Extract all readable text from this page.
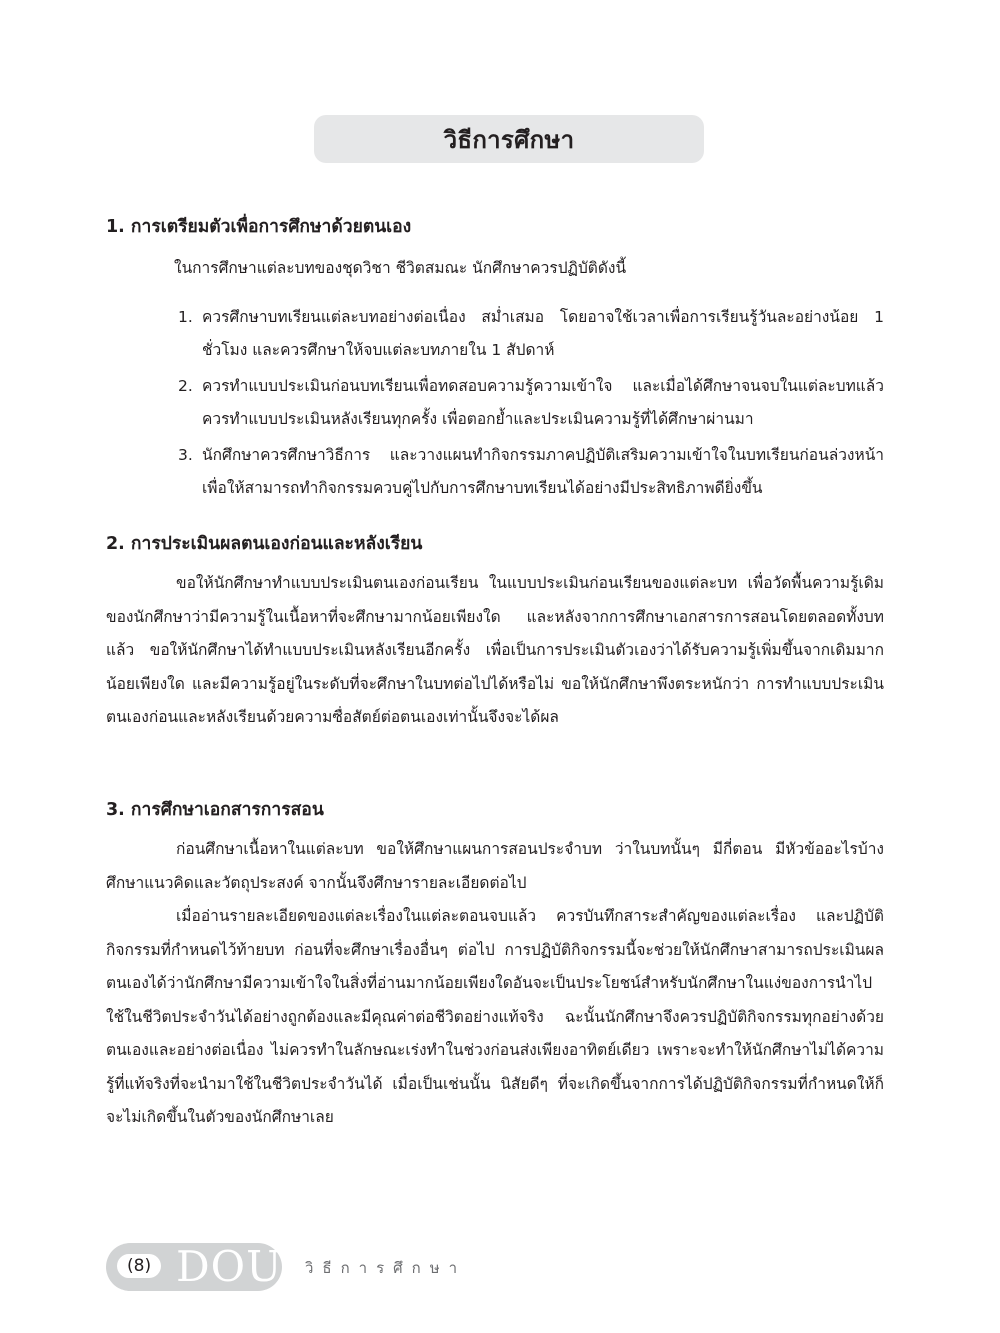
วิธีการศึกษา
1. การเตรียมตัวเพื่อการศึกษาด้วยตนเอง

ในการศึกษาแต่ละบทของชุดวิชา ชีวิตสมณะ นักศึกษาควรปฏิบัติดังนี้

1. ควรศึกษาบทเรียนแต่ละบทอย่างต่อเนื่อง สม่ำเสมอ โดยอาจใช้เวลาเพื่อการเรียนรู้วันละอย่างน้อย 1 ชั่วโมง และควรศึกษาให้จบแต่ละบทภายใน 1 สัปดาห์
2. ควรทำแบบประเมินก่อนบทเรียนเพื่อทดสอบความรู้ความเข้าใจ และเมื่อได้ศึกษาจนจบในแต่ละบทแล้ว ควรทำแบบประเมินหลังเรียนทุกครั้ง เพื่อตอกย้ำและประเมินความรู้ที่ได้ศึกษาผ่านมา
3. นักศึกษาควรศึกษาวิธีการ และวางแผนทำกิจกรรมภาคปฏิบัติเสริมความเข้าใจในบทเรียนก่อนล่วงหน้าเพื่อให้สามารถทำกิจกรรมควบคู่ไปกับการศึกษาบทเรียนได้อย่างมีประสิทธิภาพดียิ่งขึ้น
2. การประเมินผลตนเองก่อนและหลังเรียน

ขอให้นักศึกษาทำแบบประเมินตนเองก่อนเรียน ในแบบประเมินก่อนเรียนของแต่ละบท เพื่อวัดพื้นความรู้เดิมของนักศึกษาว่ามีความรู้ในเนื้อหาที่จะศึกษามากน้อยเพียงใด และหลังจากการศึกษาเอกสารการสอนโดยตลอดทั้งบทแล้ว ขอให้นักศึกษาได้ทำแบบประเมินหลังเรียนอีกครั้ง เพื่อเป็นการประเมินตัวเองว่าได้รับความรู้เพิ่มขึ้นจากเดิมมากน้อยเพียงใด และมีความรู้อยู่ในระดับที่จะศึกษาในบทต่อไปได้หรือไม่ ขอให้นักศึกษาพึงตระหนักว่า การทำแบบประเมินตนเองก่อนและหลังเรียนด้วยความซื่อสัตย์ต่อตนเองเท่านั้นจึงจะได้ผล

3. การศึกษาเอกสารการสอน

ก่อนศึกษาเนื้อหาในแต่ละบท ขอให้ศึกษาแผนการสอนประจำบท ว่าในบทนั้นๆ มีกี่ตอน มีหัวข้ออะไรบ้าง ศึกษาแนวคิดและวัตถุประสงค์ จากนั้นจึงศึกษารายละเอียดต่อไป

เมื่ออ่านรายละเอียดของแต่ละเรื่องในแต่ละตอนจบแล้ว ควรบันทึกสาระสำคัญของแต่ละเรื่อง และปฏิบัติกิจกรรมที่กำหนดไว้ท้ายบท ก่อนที่จะศึกษาเรื่องอื่นๆ ต่อไป การปฏิบัติกิจกรรมนี้จะช่วยให้นักศึกษาสามารถประเมินผลตนเองได้ว่านักศึกษามีความเข้าใจในสิ่งที่อ่านมากน้อยเพียงใดอันจะเป็นประโยชน์สำหรับนักศึกษาในแง่ของการนำไปใช้ในชีวิตประจำวันได้อย่างถูกต้องและมีคุณค่าต่อชีวิตอย่างแท้จริง ฉะนั้นนักศึกษาจึงควรปฏิบัติกิจกรรมทุกอย่างด้วยตนเองและอย่างต่อเนื่อง ไม่ควรทำในลักษณะเร่งทำในช่วงก่อนส่งเพียงอาทิตย์เดียว เพราะจะทำให้นักศึกษาไม่ได้ความรู้ที่แท้จริงที่จะนำมาใช้ในชีวิตประจำวันได้ เมื่อเป็นเช่นนั้น นิสัยดีๆ ที่จะเกิดขึ้นจากการได้ปฏิบัติกิจกรรมที่กำหนดให้ก็จะไม่เกิดขึ้นในตัวของนักศึกษาเลย

(8) DOU วิธีการศึกษา
